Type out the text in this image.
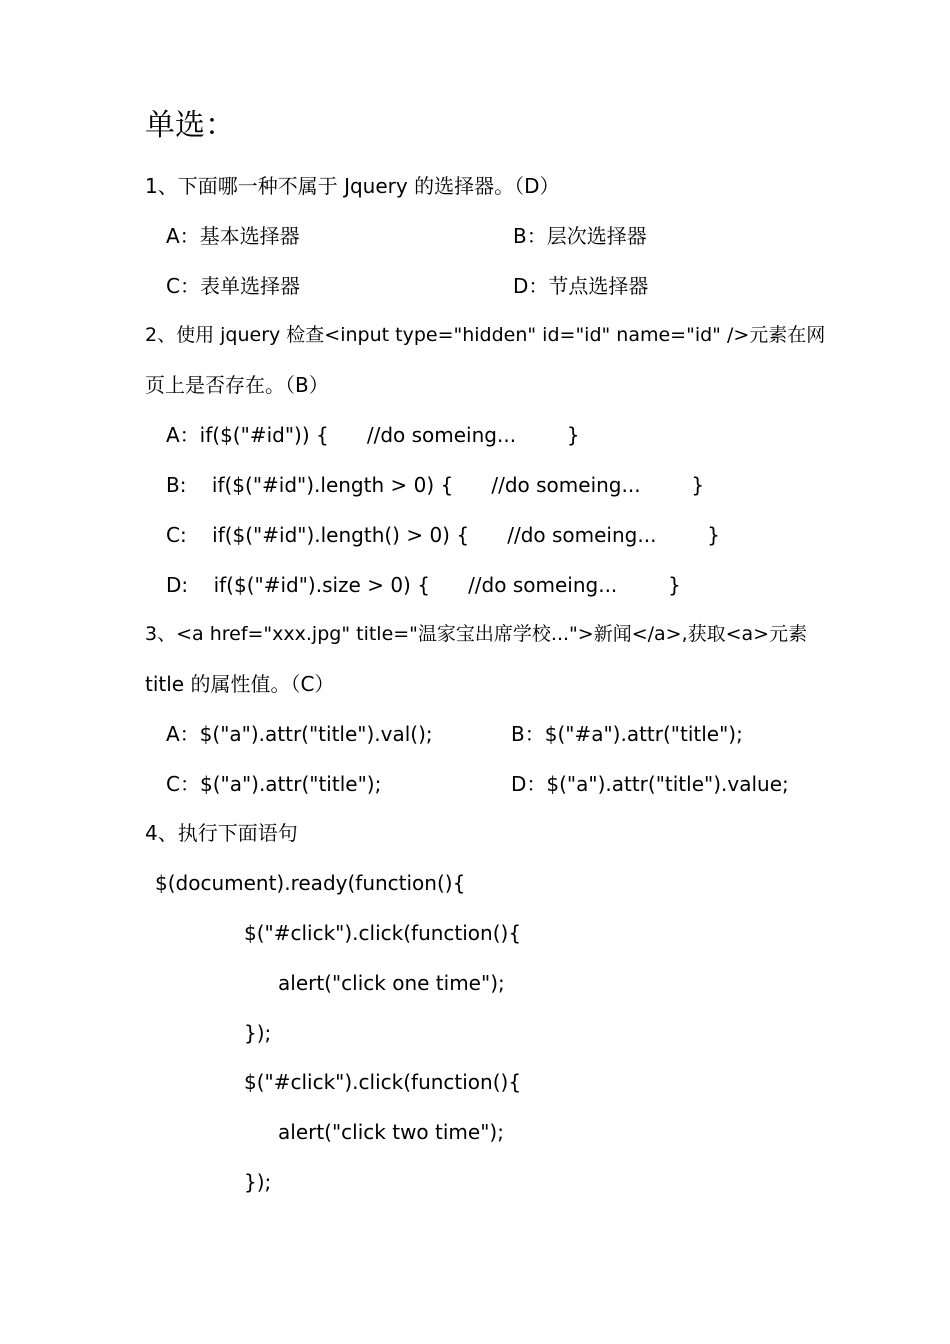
单选：
1、下面哪一种不属于 Jquery 的选择器。（D）
A：基本选择器	B：层次选择器
C：表单选择器	D：节点选择器
2、使用 jquery 检查<input type="hidden" id="id" name="id" />元素在网
页上是否存在。（B）
A：if($("#id")) {      //do someing...        }
B:    if($("#id").length > 0) {      //do someing...        }
C:    if($("#id").length() > 0) {      //do someing...        }
D:    if($("#id").size > 0) {      //do someing...        }
3、<a href="xxx.jpg" title="温家宝出席学校...">新闻</a>,获取<a>元素
title 的属性值。（C）
A：$("a").attr("title").val();	B：$("#a").attr("title");
C：$("a").attr("title");	D：$("a").attr("title").value;
4、执行下面语句
$(document).ready(function(){
$("#click").click(function(){
alert("click one time");
});
$("#click").click(function(){
alert("click two time");
});
